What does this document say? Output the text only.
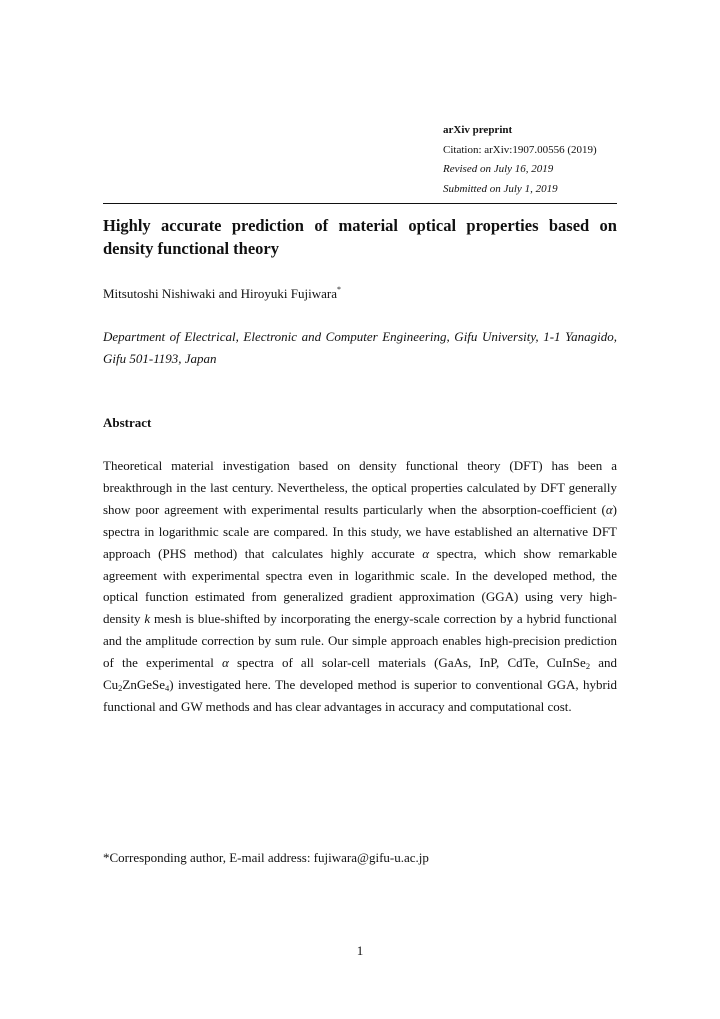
arXiv preprint
Citation: arXiv:1907.00556 (2019)
Revised on July 16, 2019
Submitted on July 1, 2019
Highly accurate prediction of material optical properties based on density functional theory
Mitsutoshi Nishiwaki and Hiroyuki Fujiwara*
Department of Electrical, Electronic and Computer Engineering, Gifu University, 1-1 Yanagido, Gifu 501-1193, Japan
Abstract
Theoretical material investigation based on density functional theory (DFT) has been a breakthrough in the last century. Nevertheless, the optical properties calculated by DFT generally show poor agreement with experimental results particularly when the absorption-coefficient (α) spectra in logarithmic scale are compared. In this study, we have established an alternative DFT approach (PHS method) that calculates highly accurate α spectra, which show remarkable agreement with experimental spectra even in logarithmic scale. In the developed method, the optical function estimated from generalized gradient approximation (GGA) using very high-density k mesh is blue-shifted by incorporating the energy-scale correction by a hybrid functional and the amplitude correction by sum rule. Our simple approach enables high-precision prediction of the experimental α spectra of all solar-cell materials (GaAs, InP, CdTe, CuInSe$_2$ and $Cu_2ZnGeSe_4$) investigated here. The developed method is superior to conventional GGA, hybrid functional and GW methods and has clear advantages in accuracy and computational cost.
*Corresponding author, E-mail address: fujiwara@gifu-u.ac.jp
1
